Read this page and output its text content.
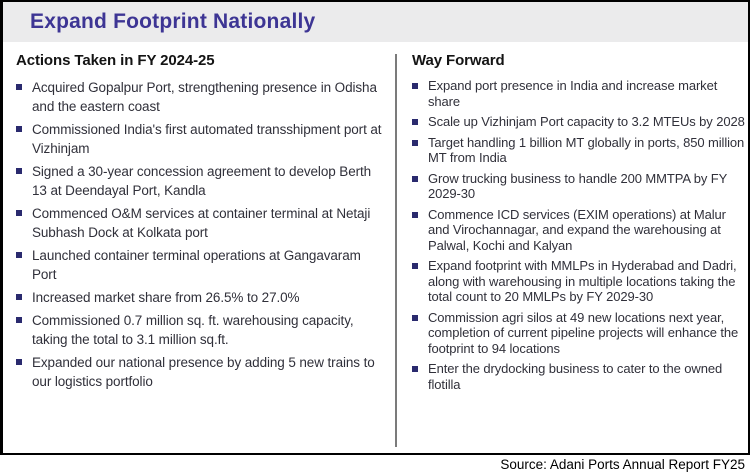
Expand Footprint Nationally
Actions Taken in FY 2024-25
Acquired Gopalpur Port, strengthening presence in Odisha and the eastern coast
Commissioned India's first automated transshipment port at Vizhinjam
Signed a 30-year concession agreement to develop Berth 13 at Deendayal Port, Kandla
Commenced O&M services at container terminal at Netaji Subhash Dock at Kolkata port
Launched container terminal operations at Gangavaram Port
Increased market share from 26.5% to 27.0%
Commissioned 0.7 million sq. ft. warehousing capacity, taking the total to 3.1 million sq.ft.
Expanded our national presence by adding 5 new trains to our logistics portfolio
Way Forward
Expand port presence in India and increase market share
Scale up Vizhinjam Port capacity to 3.2 MTEUs by 2028
Target handling 1 billion MT globally in ports, 850 million MT from India
Grow trucking business to handle 200 MMTPA by FY 2029-30
Commence ICD services (EXIM operations) at Malur and Virochannagar, and expand the warehousing at Palwal, Kochi and Kalyan
Expand footprint with MMLPs in Hyderabad and Dadri, along with warehousing in multiple locations taking the total count to 20 MMLPs by FY 2029-30
Commission agri silos at 49 new locations next year, completion of current pipeline projects will enhance the footprint to 94 locations
Enter the drydocking business to cater to the owned flotilla
Source: Adani Ports Annual Report FY25
